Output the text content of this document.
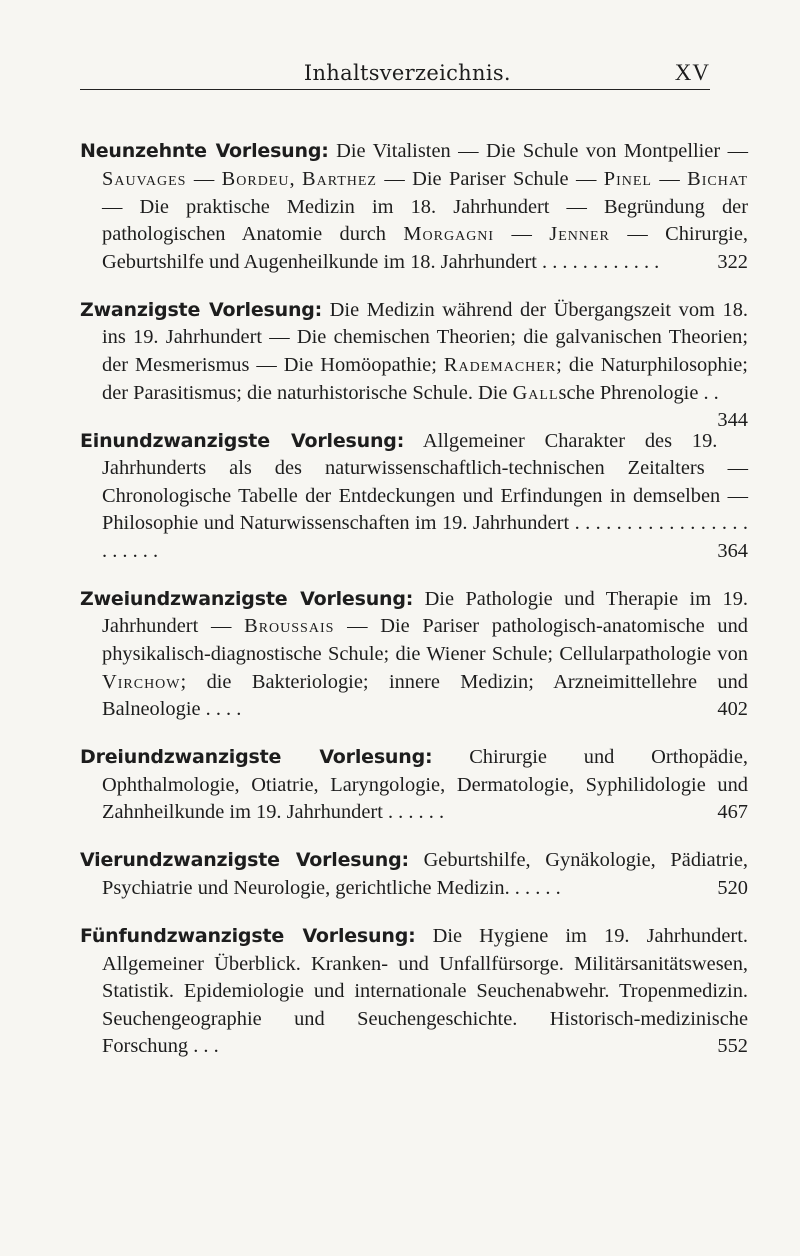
Inhaltsverzeichnis.	XV

Neunzehnte Vorlesung: Die Vitalisten — Die Schule von Montpellier — Sauvages — Bordeu, Barthez — Die Pariser Schule — Pinel — Bichat — Die praktische Medizin im 18. Jahrhundert — Begründung der pathologischen Anatomie durch Morgagni — Jenner — Chirurgie, Geburtshilfe und Augenheilkunde im 18. Jahrhundert . . . . . . . . . . . .	322

Zwanzigste Vorlesung: Die Medizin während der Übergangszeit vom 18. ins 19. Jahrhundert — Die chemischen Theorien; die galvanischen Theorien; der Mesmerismus — Die Homöopathie; Rademacher; die Naturphilosophie; der Parasitismus; die naturhistorische Schule. Die Gallsche Phrenologie . .
344

Einundzwanzigste Vorlesung: Allgemeiner Charakter des 19. Jahrhunderts als des naturwissenschaftlich-technischen Zeitalters — Chronologische Tabelle der Entdeckungen und Erfindungen in demselben — Philosophie und Naturwissenschaften im 19. Jahrhundert . . . . . . . . . . . . . . . . . . . . . . .	364

Zweiundzwanzigste Vorlesung: Die Pathologie und Therapie im 19. Jahrhundert — Broussais — Die Pariser pathologisch-anatomische und physikalisch-diagnostische Schule; die Wiener Schule; Cellularpathologie von Virchow; die Bakteriologie; innere Medizin; Arzneimittellehre und Balneologie . . . .	402

Dreiundzwanzigste Vorlesung: Chirurgie und Orthopädie, Ophthalmologie, Otiatrie, Laryngologie, Dermatologie, Syphilidologie und Zahnheilkunde im 19. Jahrhundert . . . . . .	467

Vierundzwanzigste Vorlesung: Geburtshilfe, Gynäkologie, Pädiatrie, Psychiatrie und Neurologie, gerichtliche Medizin. . . . . .	520

Fünfundzwanzigste Vorlesung: Die Hygiene im 19. Jahrhundert. Allgemeiner Überblick. Kranken- und Unfallfürsorge. Militärsanitätswesen, Statistik. Epidemiologie und internationale Seuchenabwehr. Tropenmedizin. Seuchengeographie und Seuchengeschichte. Historisch-medizinische Forschung . . .	552
